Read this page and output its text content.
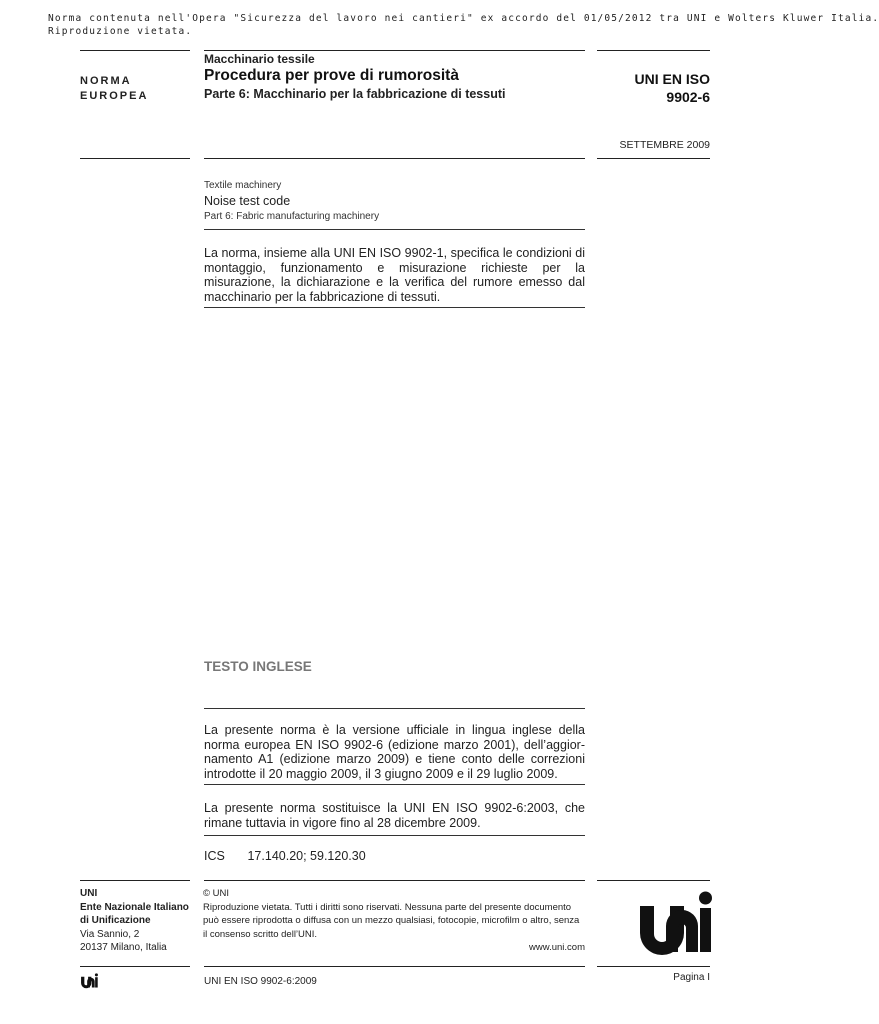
Norma contenuta nell'Opera "Sicurezza del lavoro nei cantieri" ex accordo del 01/05/2012 tra UNI e Wolters Kluwer Italia.
Riproduzione vietata.
NORMA
EUROPEA
Macchinario tessile
Procedura per prove di rumorosità
Parte 6: Macchinario per la fabbricazione di tessuti
UNI EN ISO
9902-6
SETTEMBRE 2009
Textile machinery
Noise test code
Part 6: Fabric manufacturing machinery
La norma, insieme alla UNI EN ISO 9902-1, specifica le condizioni di montaggio, funzionamento e misurazione richieste per la misurazione, la dichiarazione e la verifica del rumore emesso dal macchinario per la fabbricazione di tessuti.
TESTO INGLESE
La presente norma è la versione ufficiale in lingua inglese della norma europea EN ISO 9902-6 (edizione marzo 2001), dell’aggior-namento A1 (edizione marzo 2009) e tiene conto delle correzioni introdotte il 20 maggio 2009, il 3 giugno 2009 e il 29 luglio 2009.
La presente norma sostituisce la UNI EN ISO 9902-6:2003, che rimane tuttavia in vigore fino al 28 dicembre 2009.
ICS 17.140.20; 59.120.30
UNI
Ente Nazionale Italiano
di Unificazione
Via Sannio, 2
20137 Milano, Italia
© UNI
Riproduzione vietata. Tutti i diritti sono riservati. Nessuna parte del presente documento può essere riprodotta o diffusa con un mezzo qualsiasi, fotocopie, microfilm o altro, senza il consenso scritto dell’UNI.
www.uni.com
UNI EN ISO 9902-6:2009	Pagina I
